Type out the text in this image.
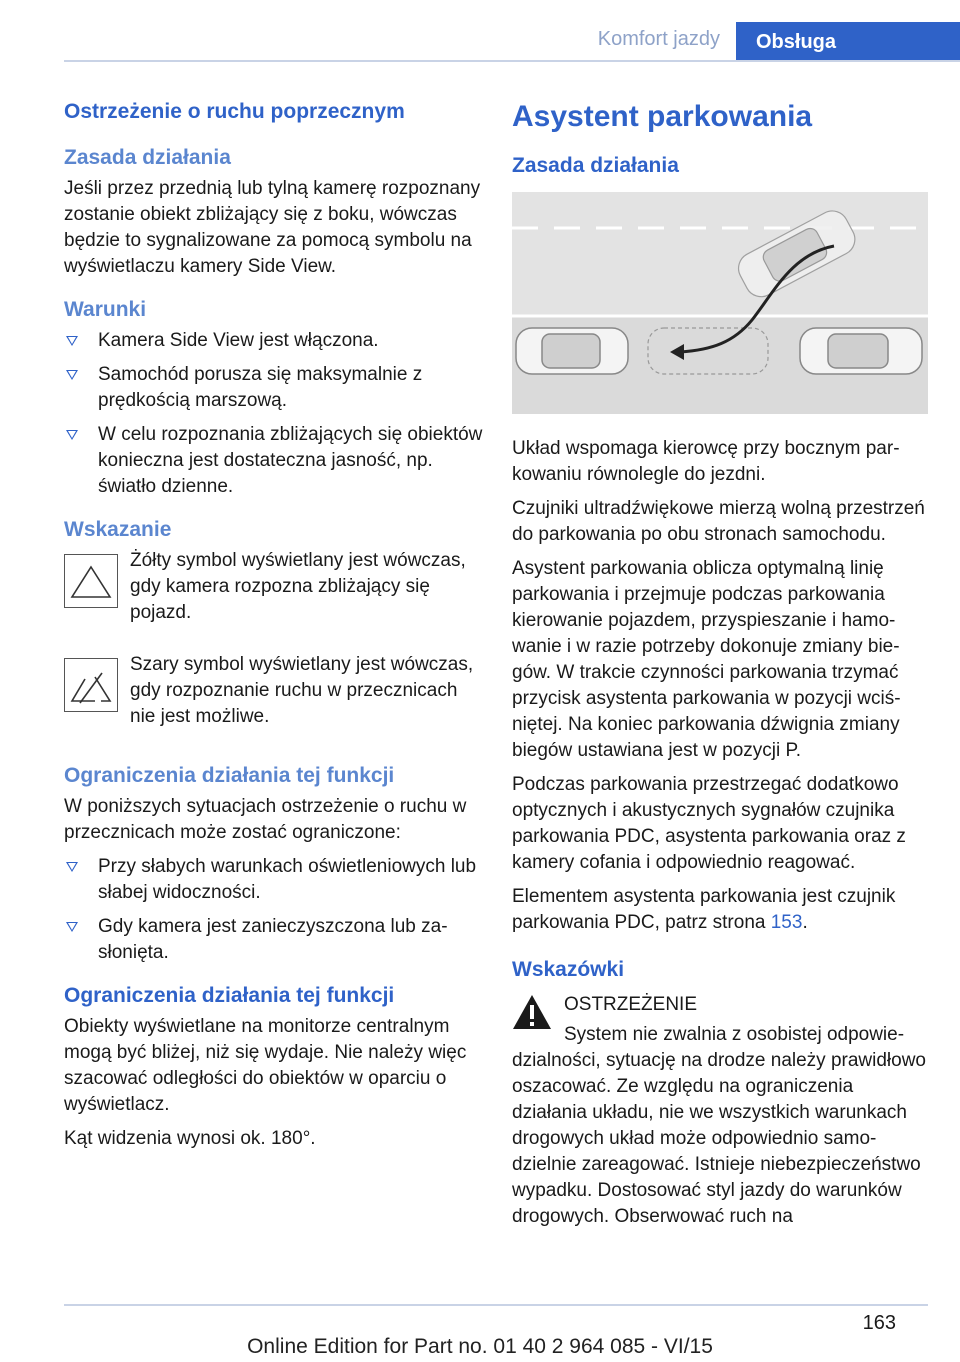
Komfort jazdy	Obsługa
Ostrzeżenie o ruchu poprzecznym
Zasada działania

Jeśli przez przednią lub tylną kamerę rozpoznany zostanie obiekt zbliżający się z boku, wówczas będzie to sygnalizowane za pomocą symbolu na wyświetlaczu kamery Side View.

Warunki
Kamera Side View jest włączona.
Samochód porusza się maksymalnie z prędkością marszową.
W celu rozpoznania zbliżających się obiektów konieczna jest dostateczna jasność, np. światło dzienne.
Wskazanie

Żółty symbol wyświetlany jest wówczas, gdy kamera rozpozna zbliżający się pojazd.

Szary symbol wyświetlany jest wówczas, gdy rozpoznanie ruchu w przecznicach nie jest możliwe.

Ograniczenia działania tej funkcji

W poniższych sytuacjach ostrzeżenie o ruchu w przecznicach może zostać ograniczone:

Przy słabych warunkach oświetleniowych lub słabej widoczności.
Gdy kamera jest zanieczyszczona lub zasłonięta.
Ograniczenia działania tej funkcji

Obiekty wyświetlane na monitorze centralnym mogą być bliżej, niż się wydaje. Nie należy więc szacować odległości do obiektów w oparciu o wyświetlacz.

Kąt widzenia wynosi ok. 180°.

Asystent parkowania
Zasada działania

Układ wspomaga kierowcę przy bocznym parkowaniu równolegle do jezdni.

Czujniki ultradźwiękowe mierzą wolną przestrzeń do parkowania po obu stronach samochodu.

Asystent parkowania oblicza optymalną linię parkowania i przejmuje podczas parkowania kierowanie pojazdem, przyspieszanie i hamowanie i w razie potrzeby dokonuje zmiany biegów. W trakcie czynności parkowania trzymać przycisk asystenta parkowania w pozycji wciśniętej. Na koniec parkowania dźwignia zmiany biegów ustawiana jest w pozycji P.

Podczas parkowania przestrzegać dodatkowo optycznych i akustycznych sygnałów czujnika parkowania PDC, asystenta parkowania oraz z kamery cofania i odpowiednio reagować.

Elementem asystenta parkowania jest czujnik parkowania PDC, patrz strona 153.

Wskazówki

OSTRZEŻENIE

System nie zwalnia z osobistej odpowiedzialności, sytuację na drodze należy prawidłowo oszacować. Ze względu na ograniczenia działania układu, nie we wszystkich warunkach drogowych układ może odpowiednio samodzielnie zareagować. Istnieje niebezpieczeństwo wypadku. Dostosować styl jazdy do warunków drogowych. Obserwować ruch na

163
Online Edition for Part no. 01 40 2 964 085 - VI/15
